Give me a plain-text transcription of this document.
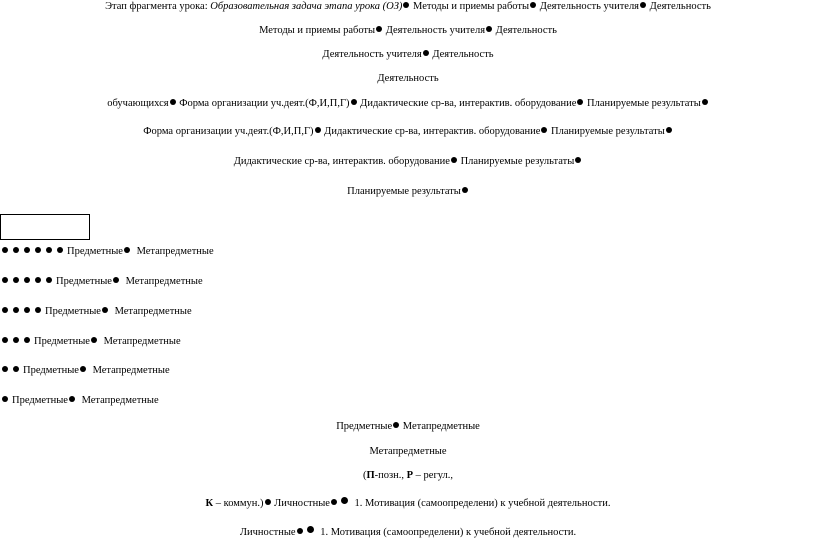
Этап фрагмента урока: Образовательная задача этапа урока (ОЗ) Методы и приемы работы Деятельность учителя Деятельность
Методы и приемы работы Деятельность учителя Деятельность
Деятельность учителя Деятельность
Деятельность
обучающихся Форма организации уч.деят.(Ф,И,П,Г) Дидактические ср-ва, интерактив. оборудование Планируемые результаты
Форма организации уч.деят.(Ф,И,П,Г) Дидактические ср-ва, интерактив. оборудование Планируемые результаты
Дидактические ср-ва, интерактив. оборудование Планируемые результаты
Планируемые результаты
Предметные Метапредметные
Предметные Метапредметные
Предметные Метапредметные
Предметные Метапредметные
Предметные Метапредметные
Предметные Метапредметные
Предметные Метапредметные
Метапредметные
(П-позн., Р – регул.,
К – коммун.) Личностные 1. Мотивация (самоопределени) к учебной деятельности.
Личностные 1. Мотивация (самоопределени) к учебной деятельности.
